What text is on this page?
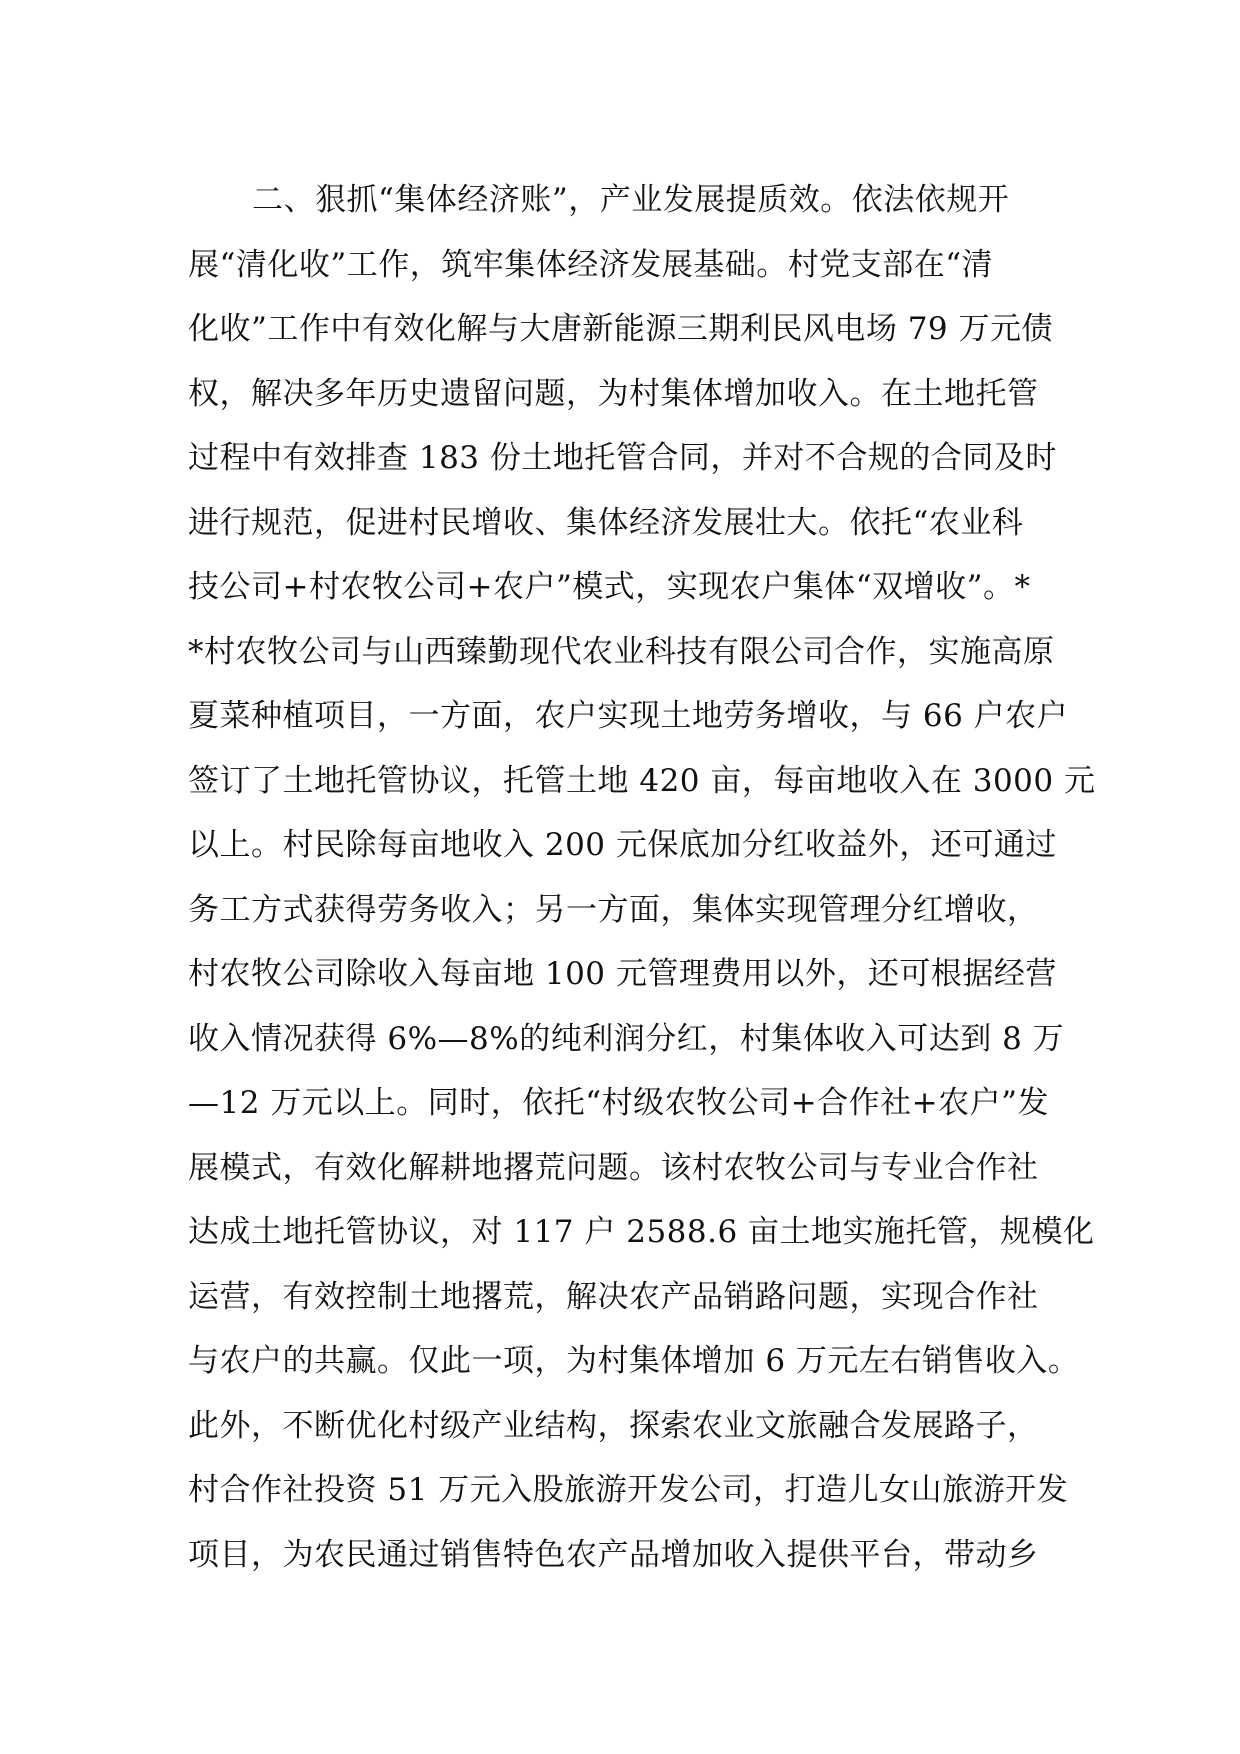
二、狠抓“集体经济账”，产业发展提质效。依法依规开
展“清化收”工作，筑牢集体经济发展基础。村党支部在“清
化收”工作中有效化解与大唐新能源三期利民风电场 79 万元债
权，解决多年历史遗留问题，为村集体增加收入。在土地托管
过程中有效排查 183 份土地托管合同，并对不合规的合同及时
进行规范，促进村民增收、集体经济发展壮大。依托“农业科
技公司+村农牧公司+农户”模式，实现农户集体“双增收”。*
*村农牧公司与山西臻勤现代农业科技有限公司合作，实施高原
夏菜种植项目，一方面，农户实现土地劳务增收，与 66 户农户
签订了土地托管协议，托管土地 420 亩，每亩地收入在 3000 元
以上。村民除每亩地收入 200 元保底加分红收益外，还可通过
务工方式获得劳务收入；另一方面，集体实现管理分红增收，
村农牧公司除收入每亩地 100 元管理费用以外，还可根据经营
收入情况获得 6%—8%的纯利润分红，村集体收入可达到 8 万
—12 万元以上。同时，依托“村级农牧公司+合作社+农户”发
展模式，有效化解耕地撂荒问题。该村农牧公司与专业合作社
达成土地托管协议，对 117 户 2588.6 亩土地实施托管，规模化
运营，有效控制土地撂荒，解决农产品销路问题，实现合作社
与农户的共赢。仅此一项，为村集体增加 6 万元左右销售收入。
此外，不断优化村级产业结构，探索农业文旅融合发展路子，
村合作社投资 51 万元入股旅游开发公司，打造儿女山旅游开发
项目，为农民通过销售特色农产品增加收入提供平台，带动乡
